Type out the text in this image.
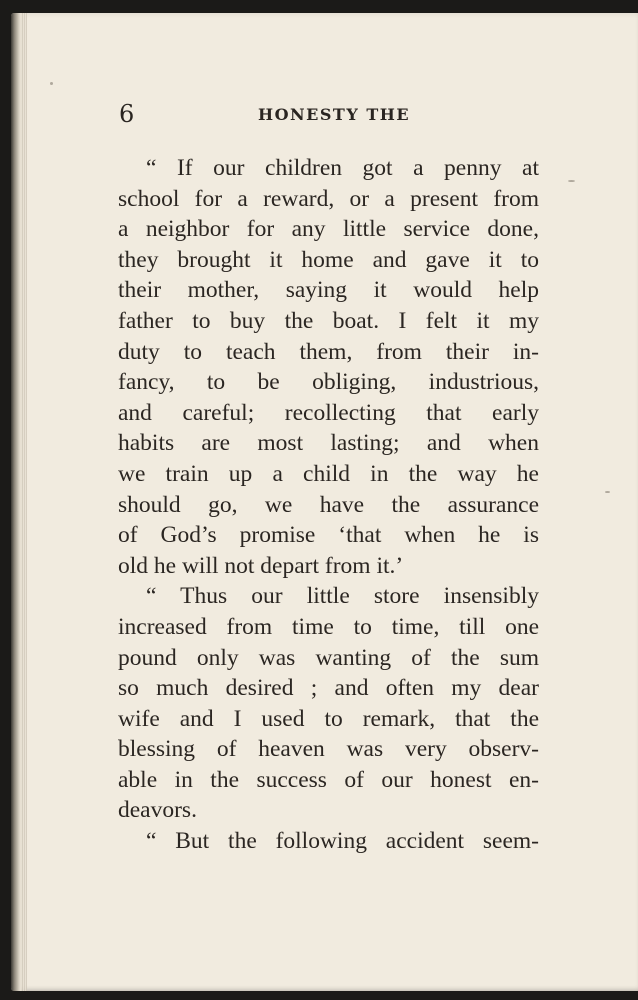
6	HONESTY THE
“ If our children got a penny at
school for a reward, or a present from
a neighbor for any little service done,
they brought it home and gave it to
their mother, saying it would help
father to buy the boat. I felt it my
duty to teach them, from their in-
fancy, to be obliging, industrious,
and careful; recollecting that early
habits are most lasting; and when
we train up a child in the way he
should go, we have the assurance
of God’s promise ‘that when he is
old he will not depart from it.’
“ Thus our little store insensibly
increased from time to time, till one
pound only was wanting of the sum
so much desired ; and often my dear
wife and I used to remark, that the
blessing of heaven was very observ-
able in the success of our honest en-
deavors.
“ But the following accident seem-
